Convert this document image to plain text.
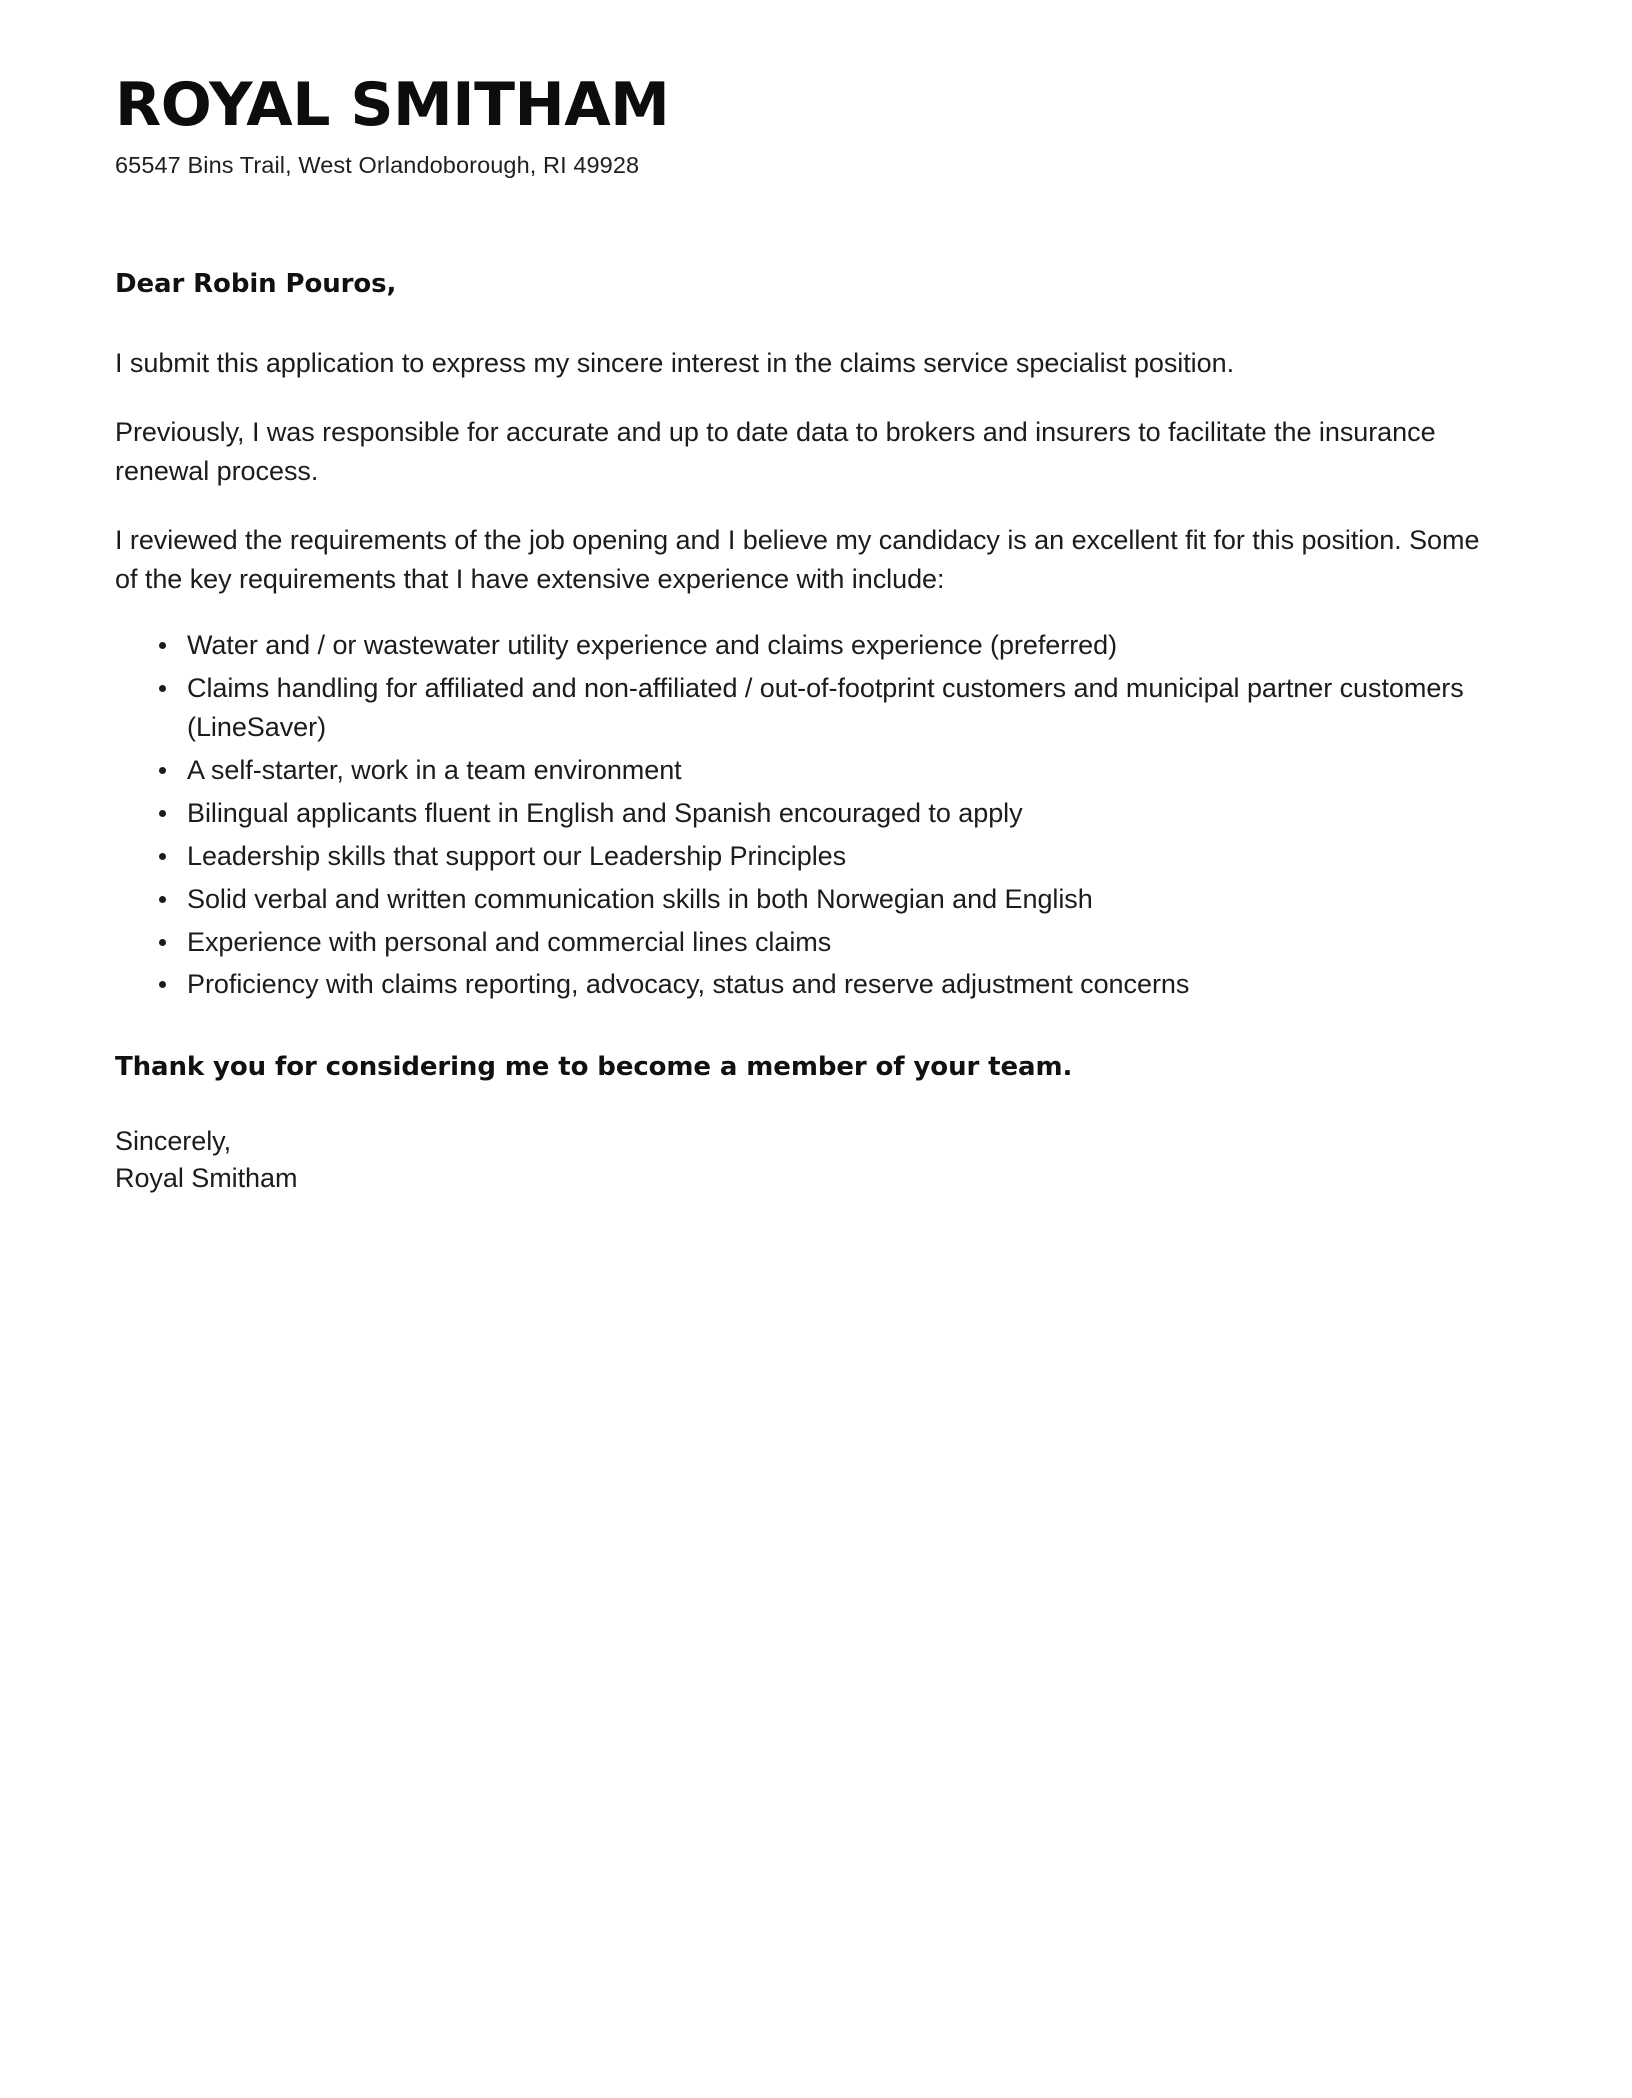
ROYAL SMITHAM
65547 Bins Trail, West Orlandoborough, RI 49928
Dear Robin Pouros,

I submit this application to express my sincere interest in the claims service specialist position.

Previously, I was responsible for accurate and up to date data to brokers and insurers to facilitate the insurance renewal process.

I reviewed the requirements of the job opening and I believe my candidacy is an excellent fit for this position. Some of the key requirements that I have extensive experience with include:

Water and / or wastewater utility experience and claims experience (preferred)
Claims handling for affiliated and non-affiliated / out-of-footprint customers and municipal partner customers (LineSaver)
A self-starter, work in a team environment
Bilingual applicants fluent in English and Spanish encouraged to apply
Leadership skills that support our Leadership Principles
Solid verbal and written communication skills in both Norwegian and English
Experience with personal and commercial lines claims
Proficiency with claims reporting, advocacy, status and reserve adjustment concerns
Thank you for considering me to become a member of your team.
Sincerely,
Royal Smitham
